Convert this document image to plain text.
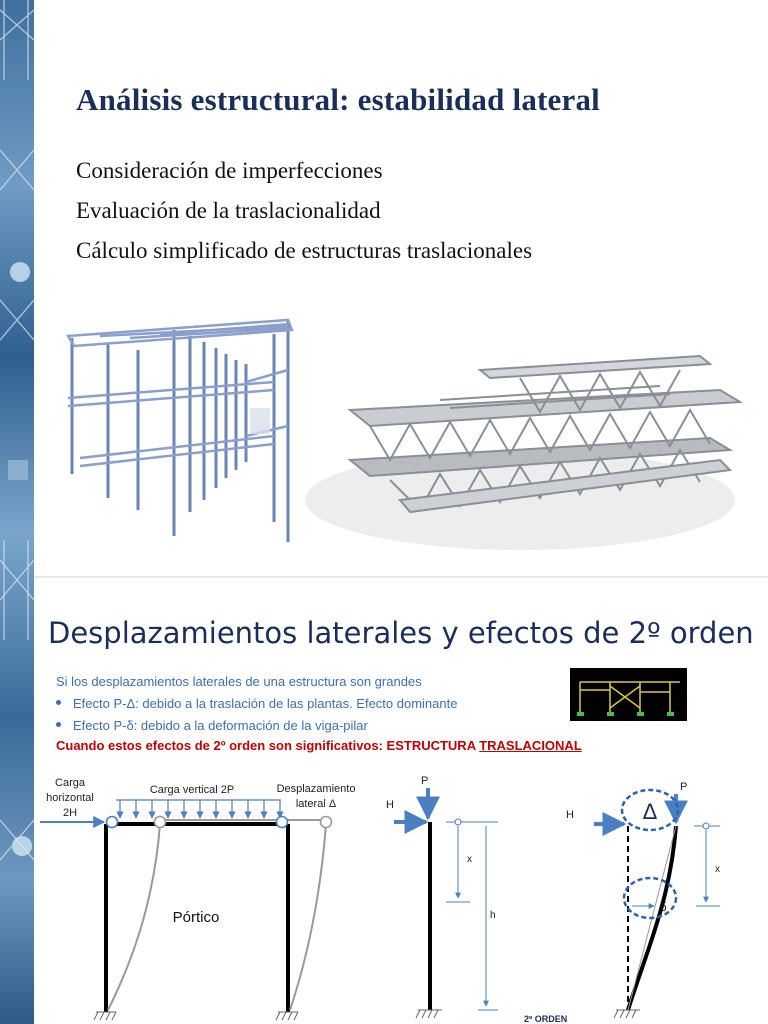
Análisis estructural: estabilidad lateral
Consideración de imperfecciones
Evaluación de la traslacionalidad
Cálculo simplificado de estructuras traslacionales
Desplazamientos laterales y efectos de 2º orden
Si los desplazamientos laterales de una estructura son grandes
Efecto P-Δ: debido a la traslación de las plantas. Efecto dominante
Efecto P-δ: debido a la deformación de la viga-pilar
Cuando estos efectos de 2º orden son significativos: ESTRUCTURA TRASLACIONAL
Carga
horizontal
2H
Carga vertical 2P	Desplazamiento
lateral Δ
Pórtico
P
H
x
h
H
P
Δ
δ
x
2º ORDEN
